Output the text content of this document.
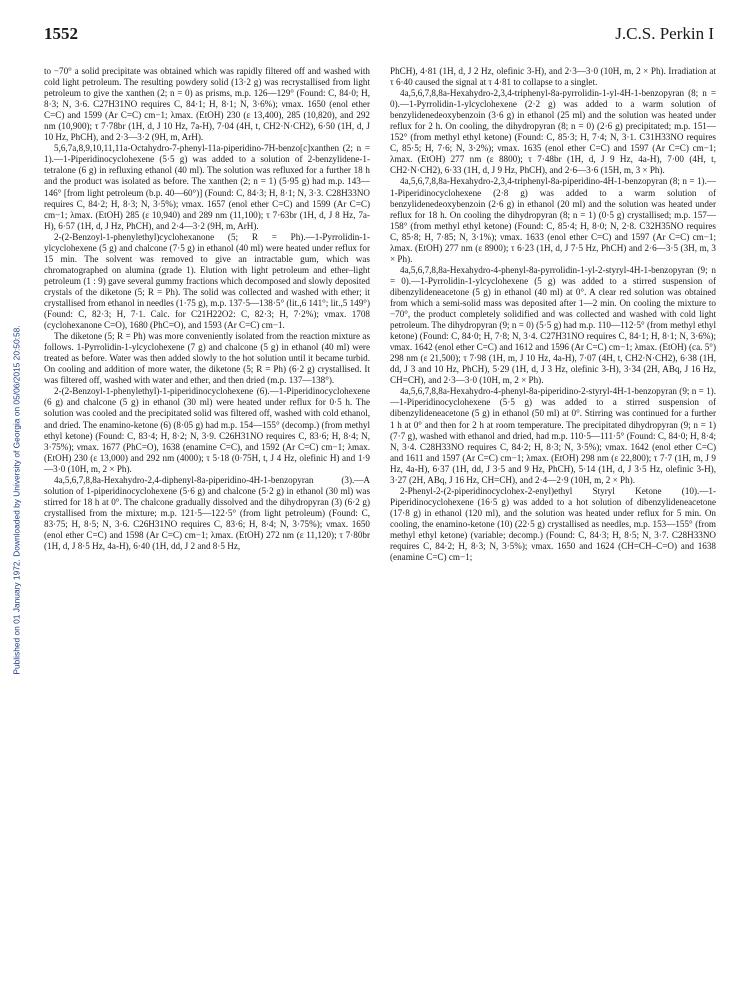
1552	J.C.S. Perkin I
Published on 01 January 1972. Downloaded by University of Georgia on 05/06/2015 20:50:58.

to −70° a solid precipitate was obtained which was rapidly filtered off and washed with cold light petroleum. The resulting powdery solid (13·2 g) was recrystallised from light petroleum to give the xanthen (2; n = 0) as prisms, m.p. 126—129° (Found: C, 84·0; H, 8·3; N, 3·6. C27H31NO requires C, 84·1; H, 8·1; N, 3·6%); νmax. 1650 (enol ether C=C) and 1599 (Ar C=C) cm−1; λmax. (EtOH) 230 (ε 13,400), 285 (10,820), and 292 nm (10,900); τ 7·78br (1H, d, J 10 Hz, 7a-H), 7·04 (4H, t, CH2·N·CH2), 6·50 (1H, d, J 10 Hz, PhCH), and 2·3—3·2 (9H, m, ArH).

5,6,7a,8,9,10,11,11a-Octahydro-7-phenyl-11a-piperidino-7H-benzo[c]xanthen (2; n = 1).—1-Piperidinocyclohexene (5·5 g) was added to a solution of 2-benzylidene-1-tetralone (6 g) in refluxing ethanol (40 ml). The solution was refluxed for a further 18 h and the product was isolated as before. The xanthen (2; n = 1) (5·95 g) had m.p. 143—146° [from light petroleum (b.p. 40—60°)] (Found: C, 84·3; H, 8·1; N, 3·3. C28H33NO requires C, 84·2; H, 8·3; N, 3·5%); νmax. 1657 (enol ether C=C) and 1599 (Ar C=C) cm−1; λmax. (EtOH) 285 (ε 10,940) and 289 nm (11,100); τ 7·63br (1H, d, J 8 Hz, 7a-H), 6·57 (1H, d, J Hz, PhCH), and 2·4—3·2 (9H, m, ArH).

2-(2-Benzoyl-1-phenylethyl)cyclohexanone (5; R = Ph).—1-Pyrrolidin-1-ylcyclohexene (5 g) and chalcone (7·5 g) in ethanol (40 ml) were heated under reflux for 15 min. The solvent was removed to give an intractable gum, which was chromatographed on alumina (grade 1). Elution with light petroleum and ether–light petroleum (1 : 9) gave several gummy fractions which decomposed and slowly deposited crystals of the diketone (5; R = Ph). The solid was collected and washed with ether; it crystallised from ethanol in needles (1·75 g), m.p. 137·5—138·5° (lit.,6 141°; lit.,5 149°) (Found: C, 82·3; H, 7·1. Calc. for C21H22O2: C, 82·3; H, 7·2%); νmax. 1708 (cyclohexanone C=O), 1680 (PhC=O), and 1593 (Ar C=C) cm−1.

The diketone (5; R = Ph) was more conveniently isolated from the reaction mixture as follows. 1-Pyrrolidin-1-ylcyclohexene (7 g) and chalcone (5 g) in ethanol (40 ml) were treated as before. Water was then added slowly to the hot solution until it became turbid. On cooling and addition of more water, the diketone (5; R = Ph) (6·2 g) crystallised. It was filtered off, washed with water and ether, and then dried (m.p. 137—138°).

2-(2-Benzoyl-1-phenylethyl)-1-piperidinocyclohexene (6).—1-Piperidinocyclohexene (6 g) and chalcone (5 g) in ethanol (30 ml) were heated under reflux for 0·5 h. The solution was cooled and the precipitated solid was filtered off, washed with cold ethanol, and dried. The enamino-ketone (6) (8·05 g) had m.p. 154—155° (decomp.) (from methyl ethyl ketone) (Found: C, 83·4; H, 8·2; N, 3·9. C26H31NO requires C, 83·6; H, 8·4; N, 3·75%); νmax. 1677 (PhC=O), 1638 (enamine C=C), and 1592 (Ar C=C) cm−1; λmax. (EtOH) 230 (ε 13,000) and 292 nm (4000); τ 5·18 (0·75H, t, J 4 Hz, olefinic H) and 1·9—3·0 (10H, m, 2 × Ph).

4a,5,6,7,8,8a-Hexahydro-2,4-diphenyl-8a-piperidino-4H-1-benzopyran (3).—A solution of 1-piperidinocyclohexene (5·6 g) and chalcone (5·2 g) in ethanol (30 ml) was stirred for 18 h at 0°. The chalcone gradually dissolved and the dihydropyran (3) (6·2 g) crystallised from the mixture; m.p. 121·5—122·5° (from light petroleum) (Found: C, 83·75; H, 8·5; N, 3·6. C26H31NO requires C, 83·6; H, 8·4; N, 3·75%); νmax. 1650 (enol ether C=C) and 1598 (Ar C=C) cm−1; λmax. (EtOH) 272 nm (ε 11,120); τ 7·80br (1H, d, J 8·5 Hz, 4a-H), 6·40 (1H, dd, J 2 and 8·5 Hz,

PhCH), 4·81 (1H, d, J 2 Hz, olefinic 3-H), and 2·3—3·0 (10H, m, 2 × Ph). Irradiation at τ 6·40 caused the signal at τ 4·81 to collapse to a singlet.

4a,5,6,7,8,8a-Hexahydro-2,3,4-triphenyl-8a-pyrrolidin-1-yl-4H-1-benzopyran (8; n = 0).—1-Pyrrolidin-1-ylcyclohexene (2·2 g) was added to a warm solution of benzylidenedeoxybenzoin (3·6 g) in ethanol (25 ml) and the solution was heated under reflux for 2 h. On cooling, the dihydropyran (8; n = 0) (2·6 g) precipitated; m.p. 151—152° (from methyl ethyl ketone) (Found: C, 85·3; H, 7·4; N, 3·1. C31H33NO requires C, 85·5; H, 7·6; N, 3·2%); νmax. 1635 (enol ether C=C) and 1597 (Ar C=C) cm−1; λmax. (EtOH) 277 nm (ε 8800); τ 7·48br (1H, d, J 9 Hz, 4a-H), 7·00 (4H, t, CH2·N·CH2), 6·33 (1H, d, J 9 Hz, PhCH), and 2·6—3·6 (15H, m, 3 × Ph).

4a,5,6,7,8,8a-Hexahydro-2,3,4-triphenyl-8a-piperidino-4H-1-benzopyran (8; n = 1).—1-Piperidinocyclohexene (2·8 g) was added to a warm solution of benzylidenedeoxybenzoin (2·6 g) in ethanol (20 ml) and the solution was heated under reflux for 18 h. On cooling the dihydropyran (8; n = 1) (0·5 g) crystallised; m.p. 157—158° (from methyl ethyl ketone) (Found: C, 85·4; H, 8·0; N, 2·8. C32H35NO requires C, 85·8; H, 7·85; N, 3·1%); νmax. 1633 (enol ether C=C) and 1597 (Ar C=C) cm−1; λmax. (EtOH) 277 nm (ε 8900); τ 6·23 (1H, d, J 7·5 Hz, PhCH) and 2·6—3·5 (3H, m, 3 × Ph).

4a,5,6,7,8,8a-Hexahydro-4-phenyl-8a-pyrrolidin-1-yl-2-styryl-4H-1-benzopyran (9; n = 0).—1-Pyrrolidin-1-ylcyclohexene (5 g) was added to a stirred suspension of dibenzylideneacetone (5 g) in ethanol (40 ml) at 0°. A clear red solution was obtained from which a semi-solid mass was deposited after 1—2 min. On cooling the mixture to −70°, the product completely solidified and was collected and washed with cold light petroleum. The dihydropyran (9; n = 0) (5·5 g) had m.p. 110—112·5° (from methyl ethyl ketone) (Found: C, 84·0; H, 7·8; N, 3·4. C27H31NO requires C, 84·1; H, 8·1; N, 3·6%); νmax. 1642 (enol ether C=C) and 1612 and 1596 (Ar C=C) cm−1; λmax. (EtOH) (ca. 5°) 298 nm (ε 21,500); τ 7·98 (1H, m, J 10 Hz, 4a-H), 7·07 (4H, t, CH2·N·CH2), 6·38 (1H, dd, J 3 and 10 Hz, PhCH), 5·29 (1H, d, J 3 Hz, olefinic 3-H), 3·34 (2H, ABq, J 16 Hz, CH=CH), and 2·3—3·0 (10H, m, 2 × Ph).

4a,5,6,7,8,8a-Hexahydro-4-phenyl-8a-piperidino-2-styryl-4H-1-benzopyran (9; n = 1).—1-Piperidinocyclohexene (5·5 g) was added to a stirred suspension of dibenzylideneacetone (5 g) in ethanol (50 ml) at 0°. Stirring was continued for a further 1 h at 0° and then for 2 h at room temperature. The precipitated dihydropyran (9; n = 1) (7·7 g), washed with ethanol and dried, had m.p. 110·5—111·5° (Found: C, 84·0; H, 8·4; N, 3·4. C28H33NO requires C, 84·2; H, 8·3; N, 3·5%); νmax. 1642 (enol ether C=C) and 1611 and 1597 (Ar C=C) cm−1; λmax. (EtOH) 298 nm (ε 22,800); τ 7·7 (1H, m, J 9 Hz, 4a-H), 6·37 (1H, dd, J 3·5 and 9 Hz, PhCH), 5·14 (1H, d, J 3·5 Hz, olefinic 3-H), 3·27 (2H, ABq, J 16 Hz, CH=CH), and 2·4—2·9 (10H, m, 2 × Ph).

2-Phenyl-2-(2-piperidinocyclohex-2-enyl)ethyl Styryl Ketone (10).—1-Piperidinocyclohexene (16·5 g) was added to a hot solution of dibenzylideneacetone (17·8 g) in ethanol (120 ml), and the solution was heated under reflux for 5 min. On cooling, the enamino-ketone (10) (22·5 g) crystallised as needles, m.p. 153—155° (from methyl ethyl ketone) (variable; decomp.) (Found: C, 84·3; H, 8·5; N, 3·7. C28H33NO requires C, 84·2; H, 8·3; N, 3·5%); νmax. 1650 and 1624 (CH=CH–C=O) and 1638 (enamine C=C) cm−1;
